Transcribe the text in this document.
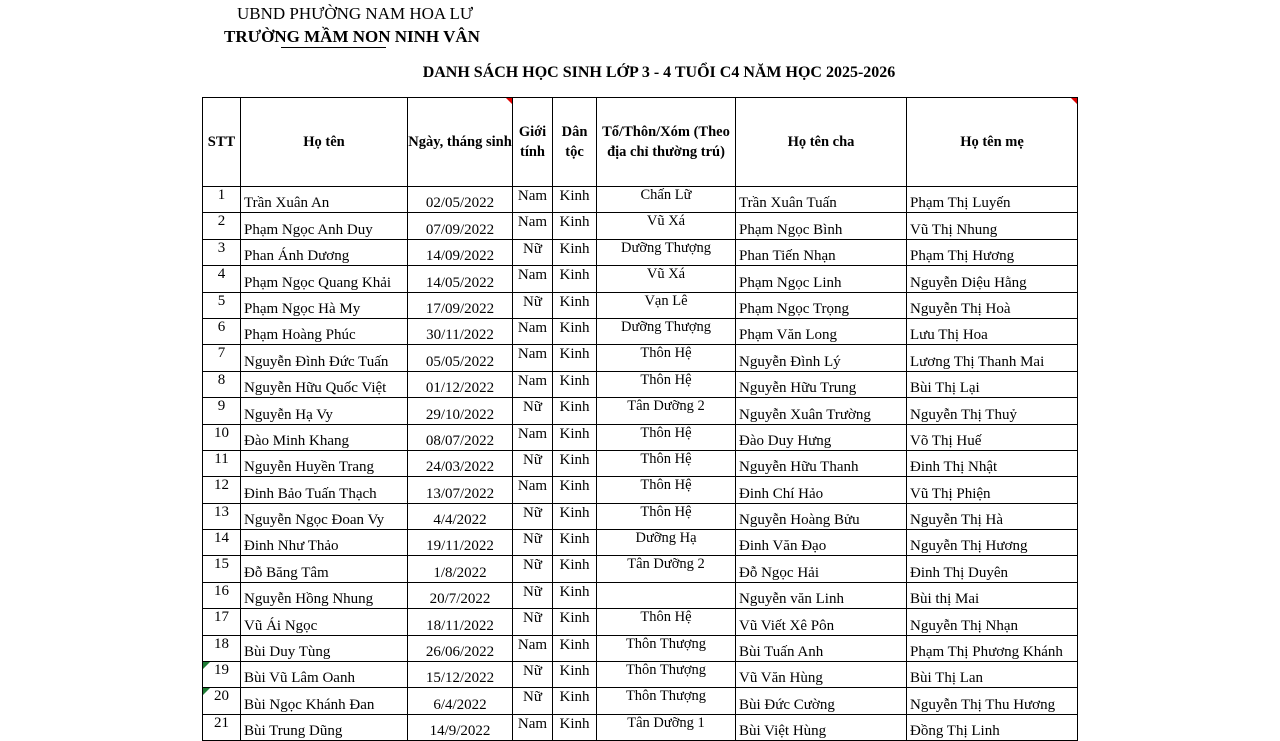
UBND PHƯỜNG NAM HOA LƯ
TRƯỜNG MẦM NON NINH VÂN
DANH SÁCH HỌC SINH LỚP 3 - 4 TUỔI C4 NĂM HỌC 2025-2026
STT	Họ tên	Ngày, tháng sinh	Giới tính	Dân tộc	Tổ/Thôn/Xóm (Theo địa chỉ thường trú)	Họ tên cha	Họ tên mẹ

1	Trần Xuân An	02/05/2022	Nam	Kinh	Chấn Lữ	Trần Xuân Tuấn	Phạm Thị Luyến
2	Phạm Ngọc Anh Duy	07/09/2022	Nam	Kinh	Vũ Xá	Phạm Ngọc Bình	Vũ Thị Nhung
3	Phan Ánh Dương	14/09/2022	Nữ	Kinh	Dưỡng Thượng	Phan Tiến Nhạn	Phạm Thị Hương
4	Phạm Ngọc Quang Khải	14/05/2022	Nam	Kinh	Vũ Xá	Phạm Ngọc Linh	Nguyễn Diệu Hằng
5	Phạm Ngọc Hà My	17/09/2022	Nữ	Kinh	Vạn Lê	Phạm Ngọc Trọng	Nguyễn Thị Hoà
6	Phạm Hoàng Phúc	30/11/2022	Nam	Kinh	Dưỡng Thượng	Phạm Văn Long	Lưu Thị Hoa
7	Nguyễn Đình Đức Tuấn	05/05/2022	Nam	Kinh	Thôn Hệ	Nguyễn Đình Lý	Lương Thị Thanh Mai
8	Nguyễn Hữu Quốc Việt	01/12/2022	Nam	Kinh	Thôn Hệ	Nguyễn Hữu Trung	Bùi Thị Lại
9	Nguyễn Hạ Vy	29/10/2022	Nữ	Kinh	Tân Dưỡng 2	Nguyễn Xuân Trường	Nguyễn Thị Thuỷ
10	Đào Minh Khang	08/07/2022	Nam	Kinh	Thôn Hệ	Đào Duy Hưng	Võ Thị Huế
11	Nguyễn Huyền Trang	24/03/2022	Nữ	Kinh	Thôn Hệ	Nguyễn Hữu Thanh	Đinh Thị Nhật
12	Đinh Bảo Tuấn Thạch	13/07/2022	Nam	Kinh	Thôn Hệ	Đinh Chí Hảo	Vũ Thị Phiện
13	Nguyễn Ngọc Đoan Vy	4/4/2022	Nữ	Kinh	Thôn Hệ	Nguyễn Hoàng Bửu	Nguyễn Thị Hà
14	Đinh Như Thảo	19/11/2022	Nữ	Kinh	Dưỡng Hạ	Đinh Văn Đạo	Nguyễn Thị Hương
15	Đỗ Băng Tâm	1/8/2022	Nữ	Kinh	Tân Dưỡng 2	Đỗ Ngọc Hải	Đinh Thị Duyên
16	Nguyễn Hồng Nhung	20/7/2022	Nữ	Kinh		Nguyễn văn Linh	Bùi thị Mai
17	Vũ Ái Ngọc	18/11/2022	Nữ	Kinh	Thôn Hệ	Vũ Viết Xê Pôn	Nguyễn Thị Nhạn
18	Bùi Duy Tùng	26/06/2022	Nam	Kinh	Thôn Thượng	Bùi Tuấn Anh	Phạm Thị Phương Khánh
19	Bùi Vũ Lâm Oanh	15/12/2022	Nữ	Kinh	Thôn Thượng	Vũ Văn Hùng	Bùi Thị Lan
20	Bùi Ngọc Khánh Đan	6/4/2022	Nữ	Kinh	Thôn Thượng	Bùi Đức Cường	Nguyễn Thị Thu Hương
21	Bùi Trung Dũng	14/9/2022	Nam	Kinh	Tân Dưỡng 1	Bùi Việt Hùng	Đồng Thị Linh
